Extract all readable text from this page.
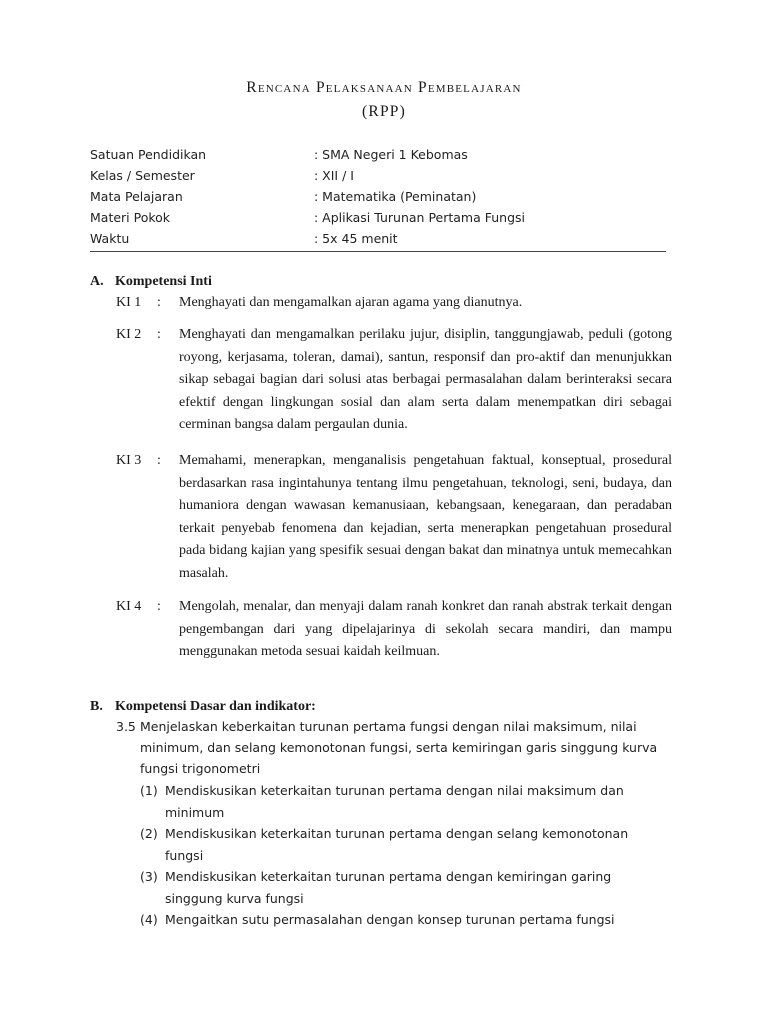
Rencana Pelaksanaan Pembelajaran
(RPP)
Satuan Pendidikan	: SMA Negeri 1 Kebomas
Kelas / Semester	: XII / I
Mata Pelajaran	: Matematika (Peminatan)
Materi Pokok	: Aplikasi Turunan Pertama Fungsi
Waktu	: 5x 45 menit
A. Kompetensi Inti
KI 1 : Menghayati dan mengamalkan ajaran agama yang dianutnya.
KI 2 : Menghayati dan mengamalkan perilaku jujur, disiplin, tanggungjawab, peduli (gotong royong, kerjasama, toleran, damai), santun, responsif dan pro-aktif dan menunjukkan sikap sebagai bagian dari solusi atas berbagai permasalahan dalam berinteraksi secara efektif dengan lingkungan sosial dan alam serta dalam menempatkan diri sebagai cerminan bangsa dalam pergaulan dunia.
KI 3 : Memahami, menerapkan, menganalisis pengetahuan faktual, konseptual, prosedural berdasarkan rasa ingintahunya tentang ilmu pengetahuan, teknologi, seni, budaya, dan humaniora dengan wawasan kemanusiaan, kebangsaan, kenegaraan, dan peradaban terkait penyebab fenomena dan kejadian, serta menerapkan pengetahuan prosedural pada bidang kajian yang spesifik sesuai dengan bakat dan minatnya untuk memecahkan masalah.
KI 4 : Mengolah, menalar, dan menyaji dalam ranah konkret dan ranah abstrak terkait dengan pengembangan dari yang dipelajarinya di sekolah secara mandiri, dan mampu menggunakan metoda sesuai kaidah keilmuan.
B. Kompetensi Dasar dan indikator:
3.5 Menjelaskan keberkaitan turunan pertama fungsi dengan nilai maksimum, nilai minimum, dan selang kemonotonan fungsi, serta kemiringan garis singgung kurva fungsi trigonometri
(1) Mendiskusikan keterkaitan turunan pertama dengan nilai maksimum dan minimum
(2) Mendiskusikan keterkaitan turunan pertama dengan selang kemonotonan fungsi
(3) Mendiskusikan keterkaitan turunan pertama dengan kemiringan garing singgung kurva fungsi
(4) Mengaitkan sutu permasalahan dengan konsep turunan pertama fungsi
